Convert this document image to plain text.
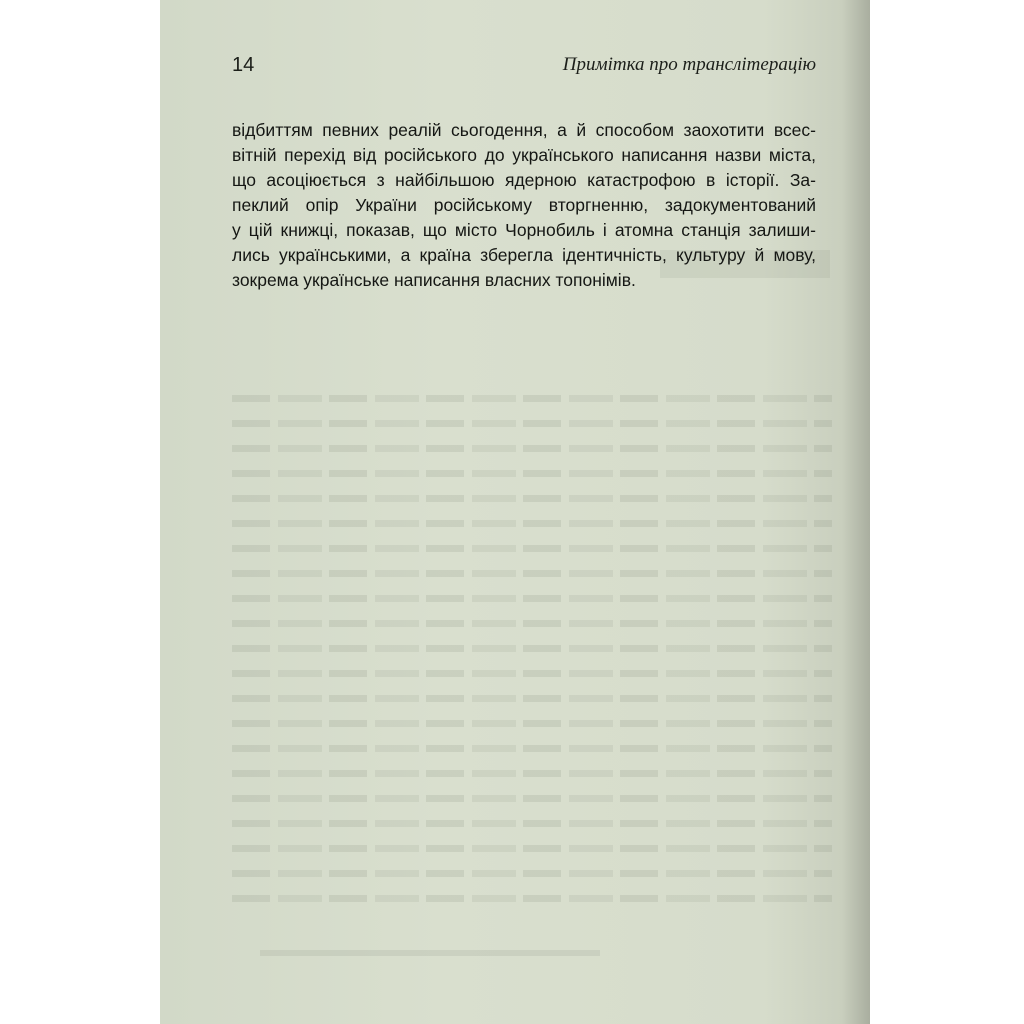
14	Примітка про транслітерацію
відбиттям певних реалій сьогодення, а й способом заохотити всес-
вітній перехід від російського до українського написання назви міста,
що асоціюється з найбільшою ядерною катастрофою в історії. За-
пеклий опір України російському вторгненню, задокументований
у цій книжці, показав, що місто Чорнобиль і атомна станція залиши-
лись українськими, а країна зберегла ідентичність, культуру й мову,
зокрема українське написання власних топонімів.
